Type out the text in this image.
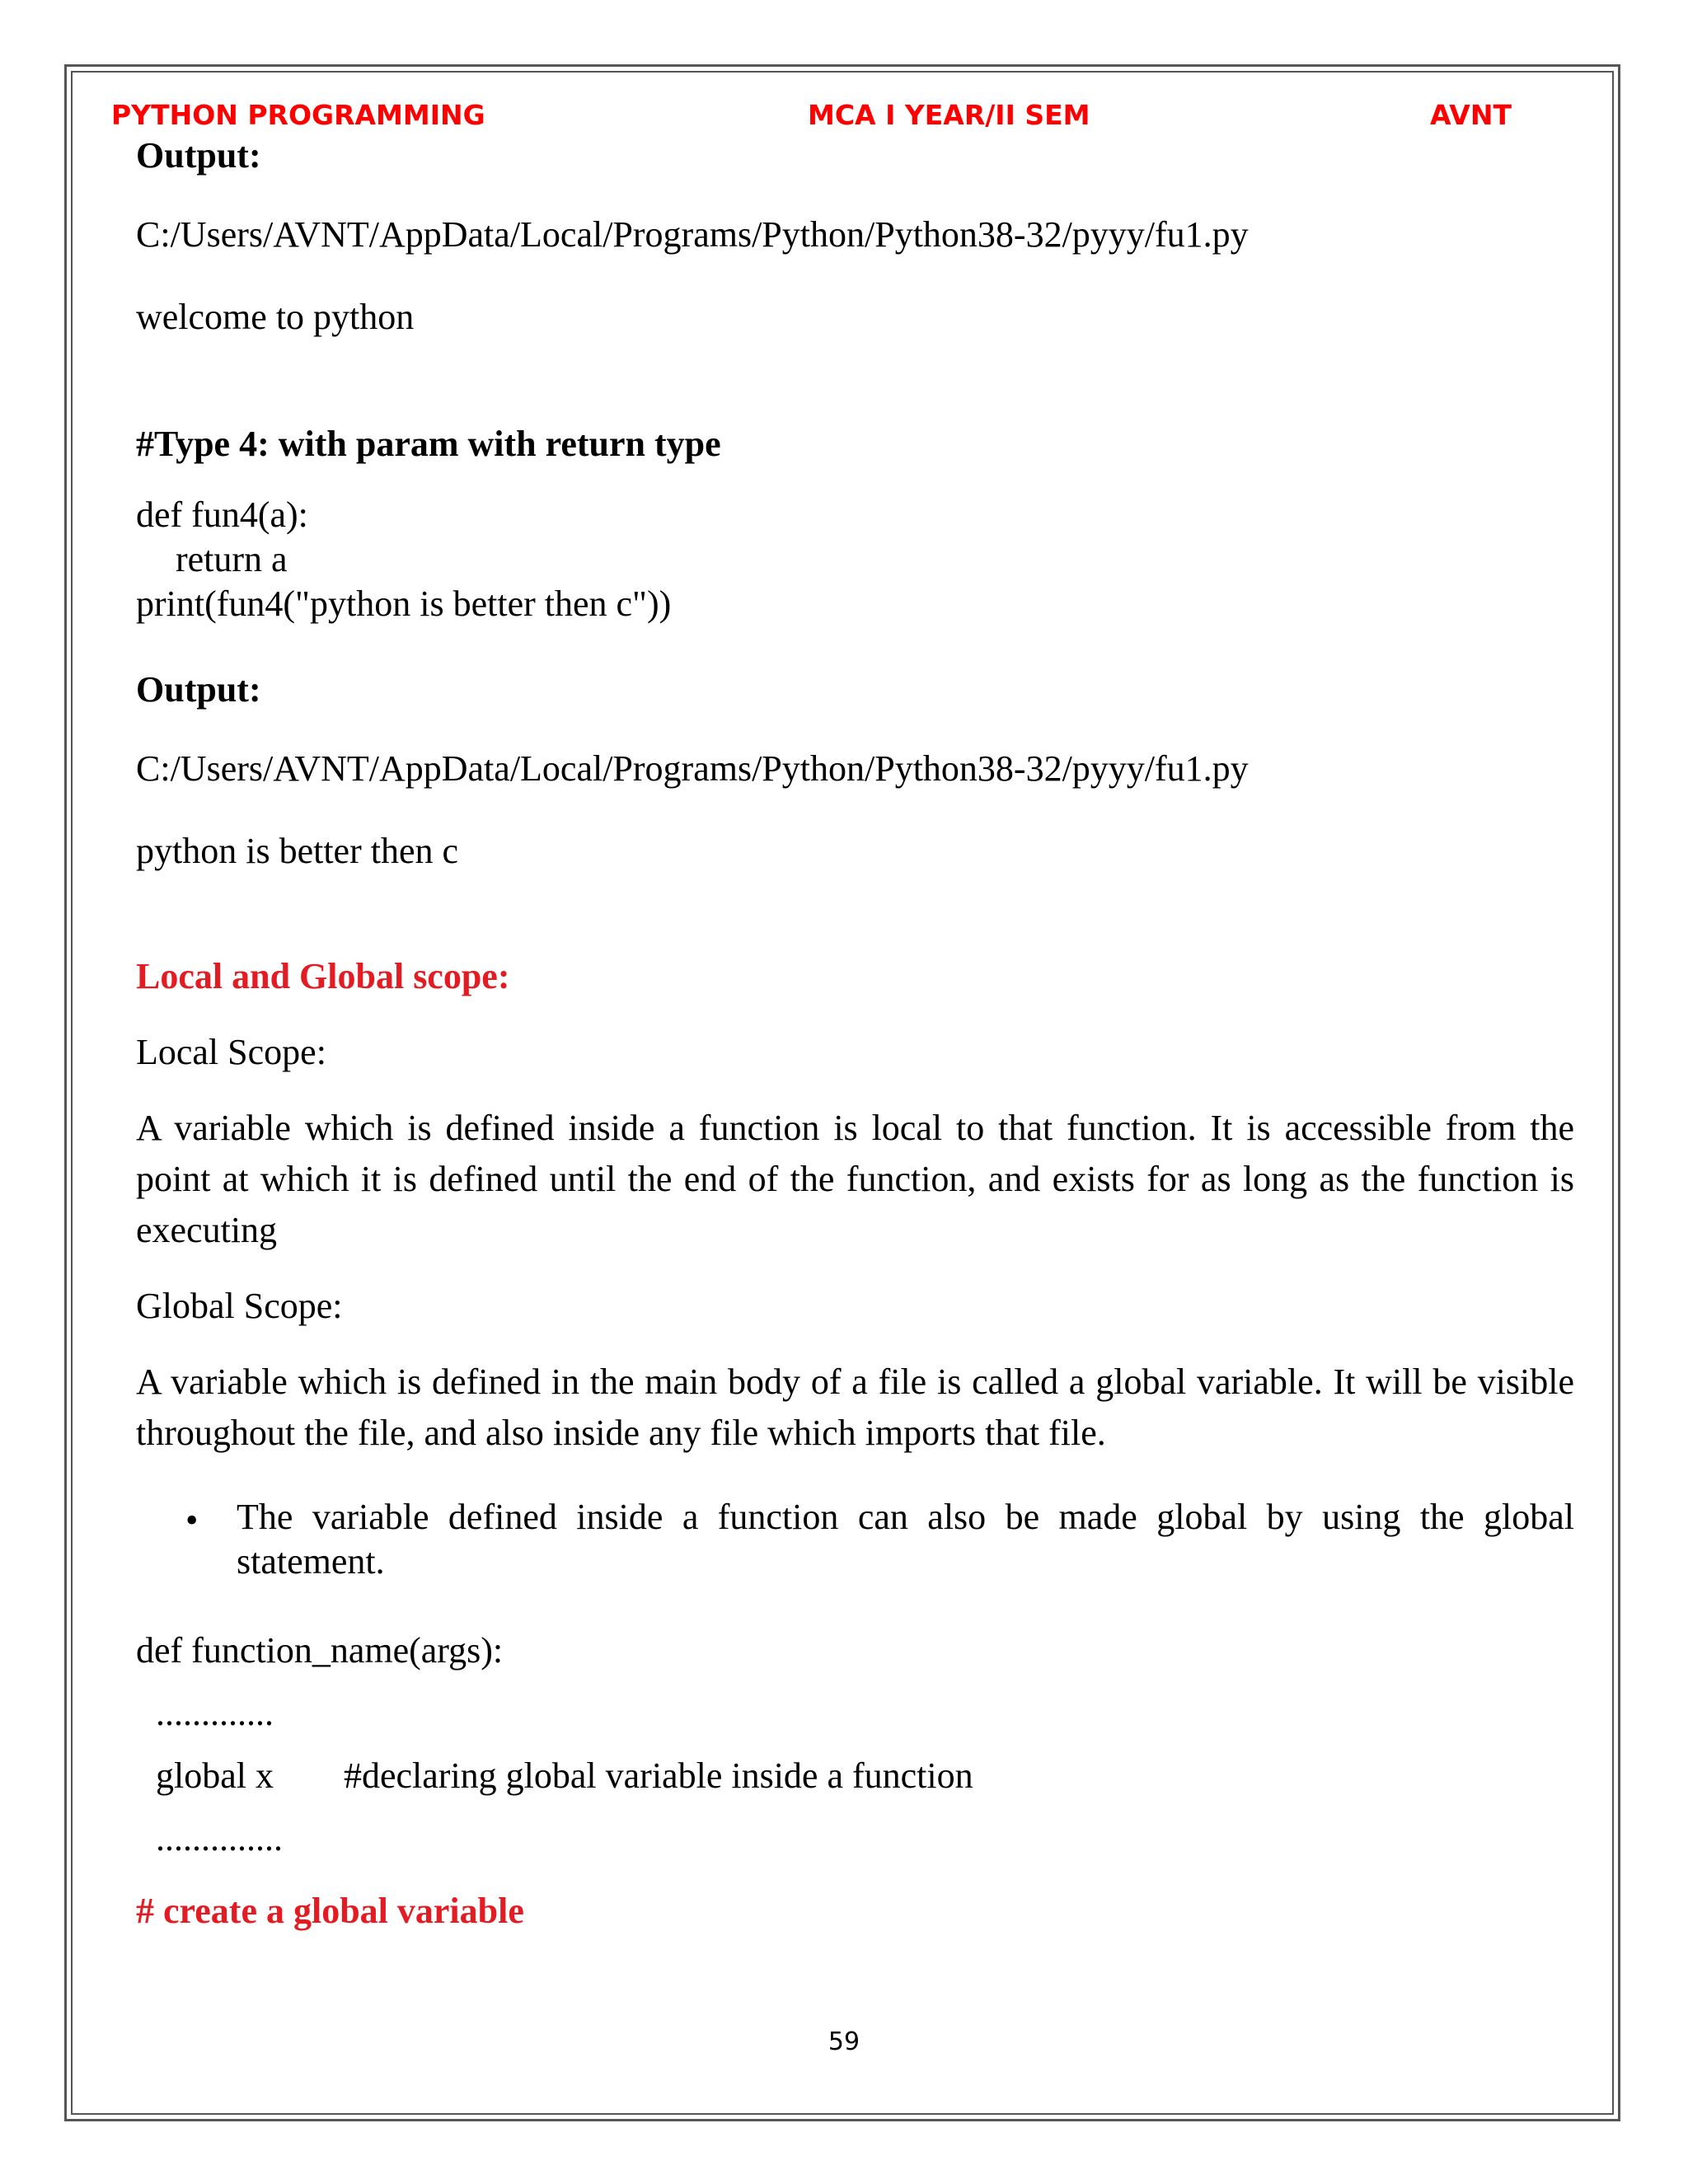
PYTHON PROGRAMMING	MCA I YEAR/II SEM	AVNT

Output:

C:/Users/AVNT/AppData/Local/Programs/Python/Python38-32/pyyy/fu1.py

welcome to python

#Type 4: with param with return type

def fun4(a):

return a

print(fun4("python is better then c"))

Output:

C:/Users/AVNT/AppData/Local/Programs/Python/Python38-32/pyyy/fu1.py

python is better then c

Local and Global scope:

Local Scope:

A variable which is defined inside a function is local to that function. It is accessible from the point at which it is defined until the end of the function, and exists for as long as the function is executing

Global Scope:

A variable which is defined in the main body of a file is called a global variable. It will be visible throughout the file, and also inside any file which imports that file.

• The variable defined inside a function can also be made global by using the global statement.

def function_name(args):

.............

global x #declaring global variable inside a function

..............

# create a global variable

59
